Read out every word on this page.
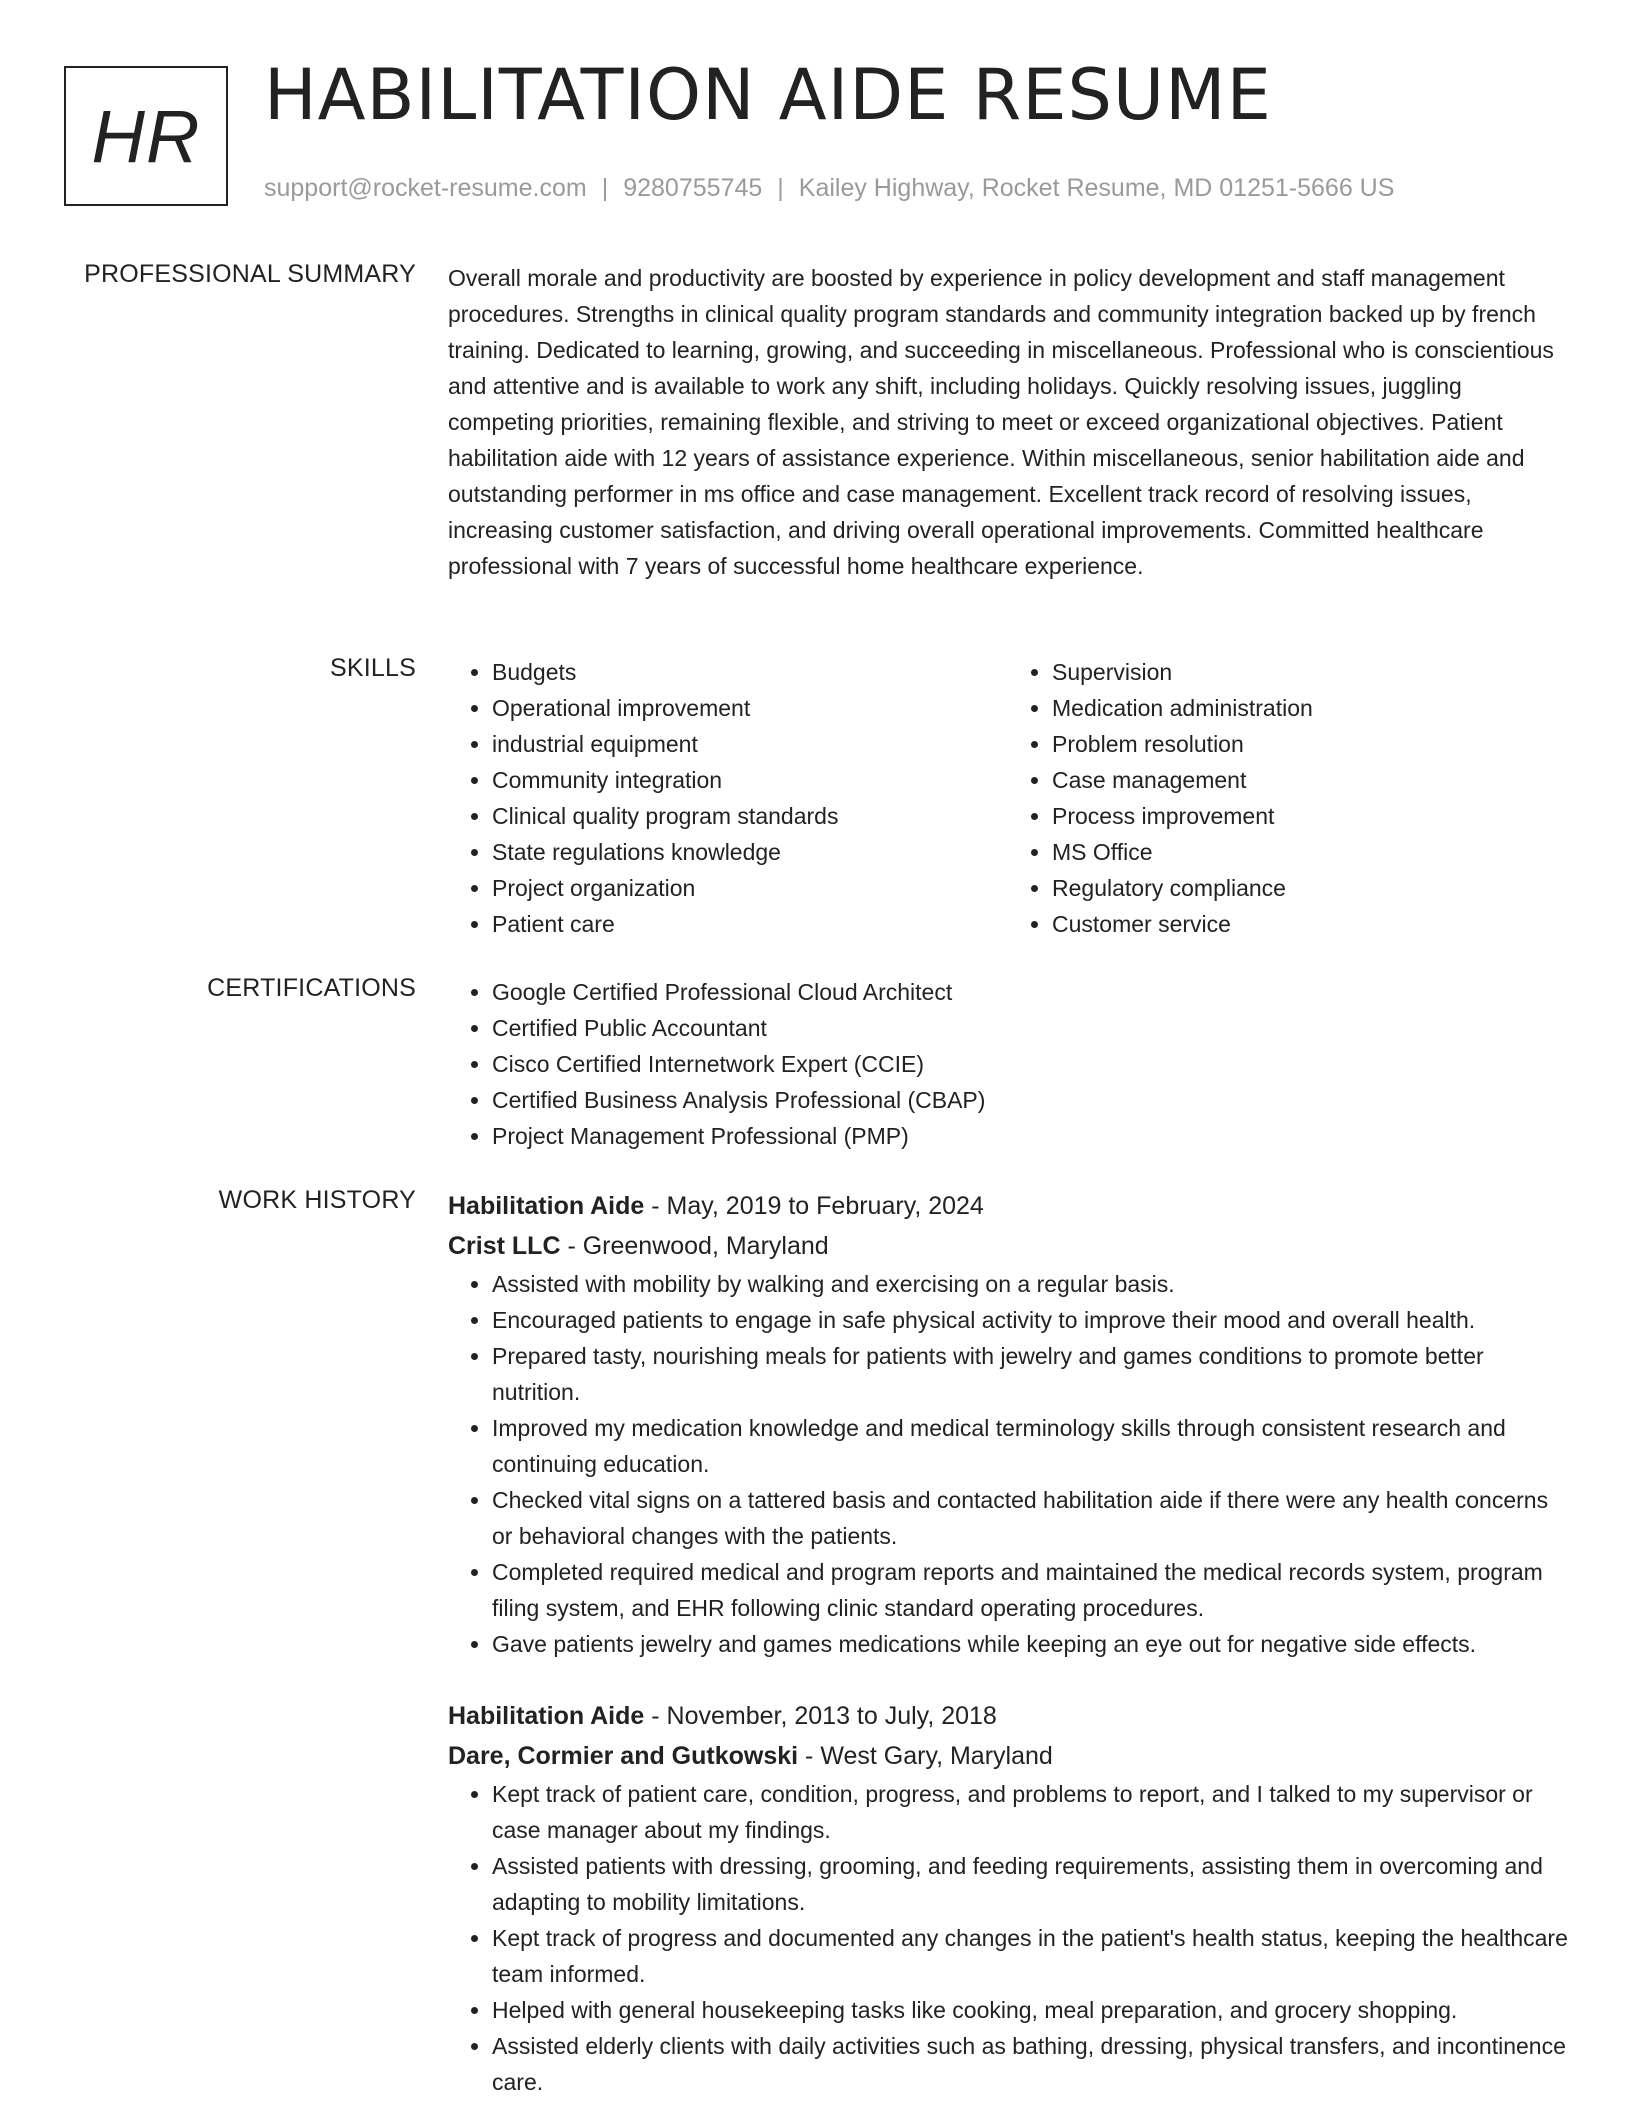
HR HABILITATION AIDE RESUME
support@rocket-resume.com | 9280755745 | Kailey Highway, Rocket Resume, MD 01251-5666 US
PROFESSIONAL SUMMARY Overall morale and productivity are boosted by experience in policy development and staff management procedures. Strengths in clinical quality program standards and community integration backed up by french training. Dedicated to learning, growing, and succeeding in miscellaneous. Professional who is conscientious and attentive and is available to work any shift, including holidays. Quickly resolving issues, juggling competing priorities, remaining flexible, and striving to meet or exceed organizational objectives. Patient habilitation aide with 12 years of assistance experience. Within miscellaneous, senior habilitation aide and outstanding performer in ms office and case management. Excellent track record of resolving issues, increasing customer satisfaction, and driving overall operational improvements. Committed healthcare professional with 7 years of successful home healthcare experience.

SKILLS	• Budgets
• Operational improvement
• industrial equipment
• Community integration
• Clinical quality program standards
• State regulations knowledge
• Project organization
• Patient care
• Supervision
• Medication administration
• Problem resolution
• Case management
• Process improvement
• MS Office
• Regulatory compliance
• Customer service
CERTIFICATIONS	• Google Certified Professional Cloud Architect
• Certified Public Accountant
• Cisco Certified Internetwork Expert (CCIE)
• Certified Business Analysis Professional (CBAP)
• Project Management Professional (PMP)
WORK HISTORY Habilitation Aide - May, 2019 to February, 2024
Crist LLC - Greenwood, Maryland
• Assisted with mobility by walking and exercising on a regular basis.
• Encouraged patients to engage in safe physical activity to improve their mood and overall health.
• Prepared tasty, nourishing meals for patients with jewelry and games conditions to promote better nutrition.
• Improved my medication knowledge and medical terminology skills through consistent research and continuing education.
• Checked vital signs on a tattered basis and contacted habilitation aide if there were any health concerns or behavioral changes with the patients.
• Completed required medical and program reports and maintained the medical records system, program filing system, and EHR following clinic standard operating procedures.
• Gave patients jewelry and games medications while keeping an eye out for negative side effects.
Habilitation Aide - November, 2013 to July, 2018
Dare, Cormier and Gutkowski - West Gary, Maryland
• Kept track of patient care, condition, progress, and problems to report, and I talked to my supervisor or case manager about my findings.
• Assisted patients with dressing, grooming, and feeding requirements, assisting them in overcoming and adapting to mobility limitations.
• Kept track of progress and documented any changes in the patient's health status, keeping the healthcare team informed.
• Helped with general housekeeping tasks like cooking, meal preparation, and grocery shopping.
• Assisted elderly clients with daily activities such as bathing, dressing, physical transfers, and incontinence care.
